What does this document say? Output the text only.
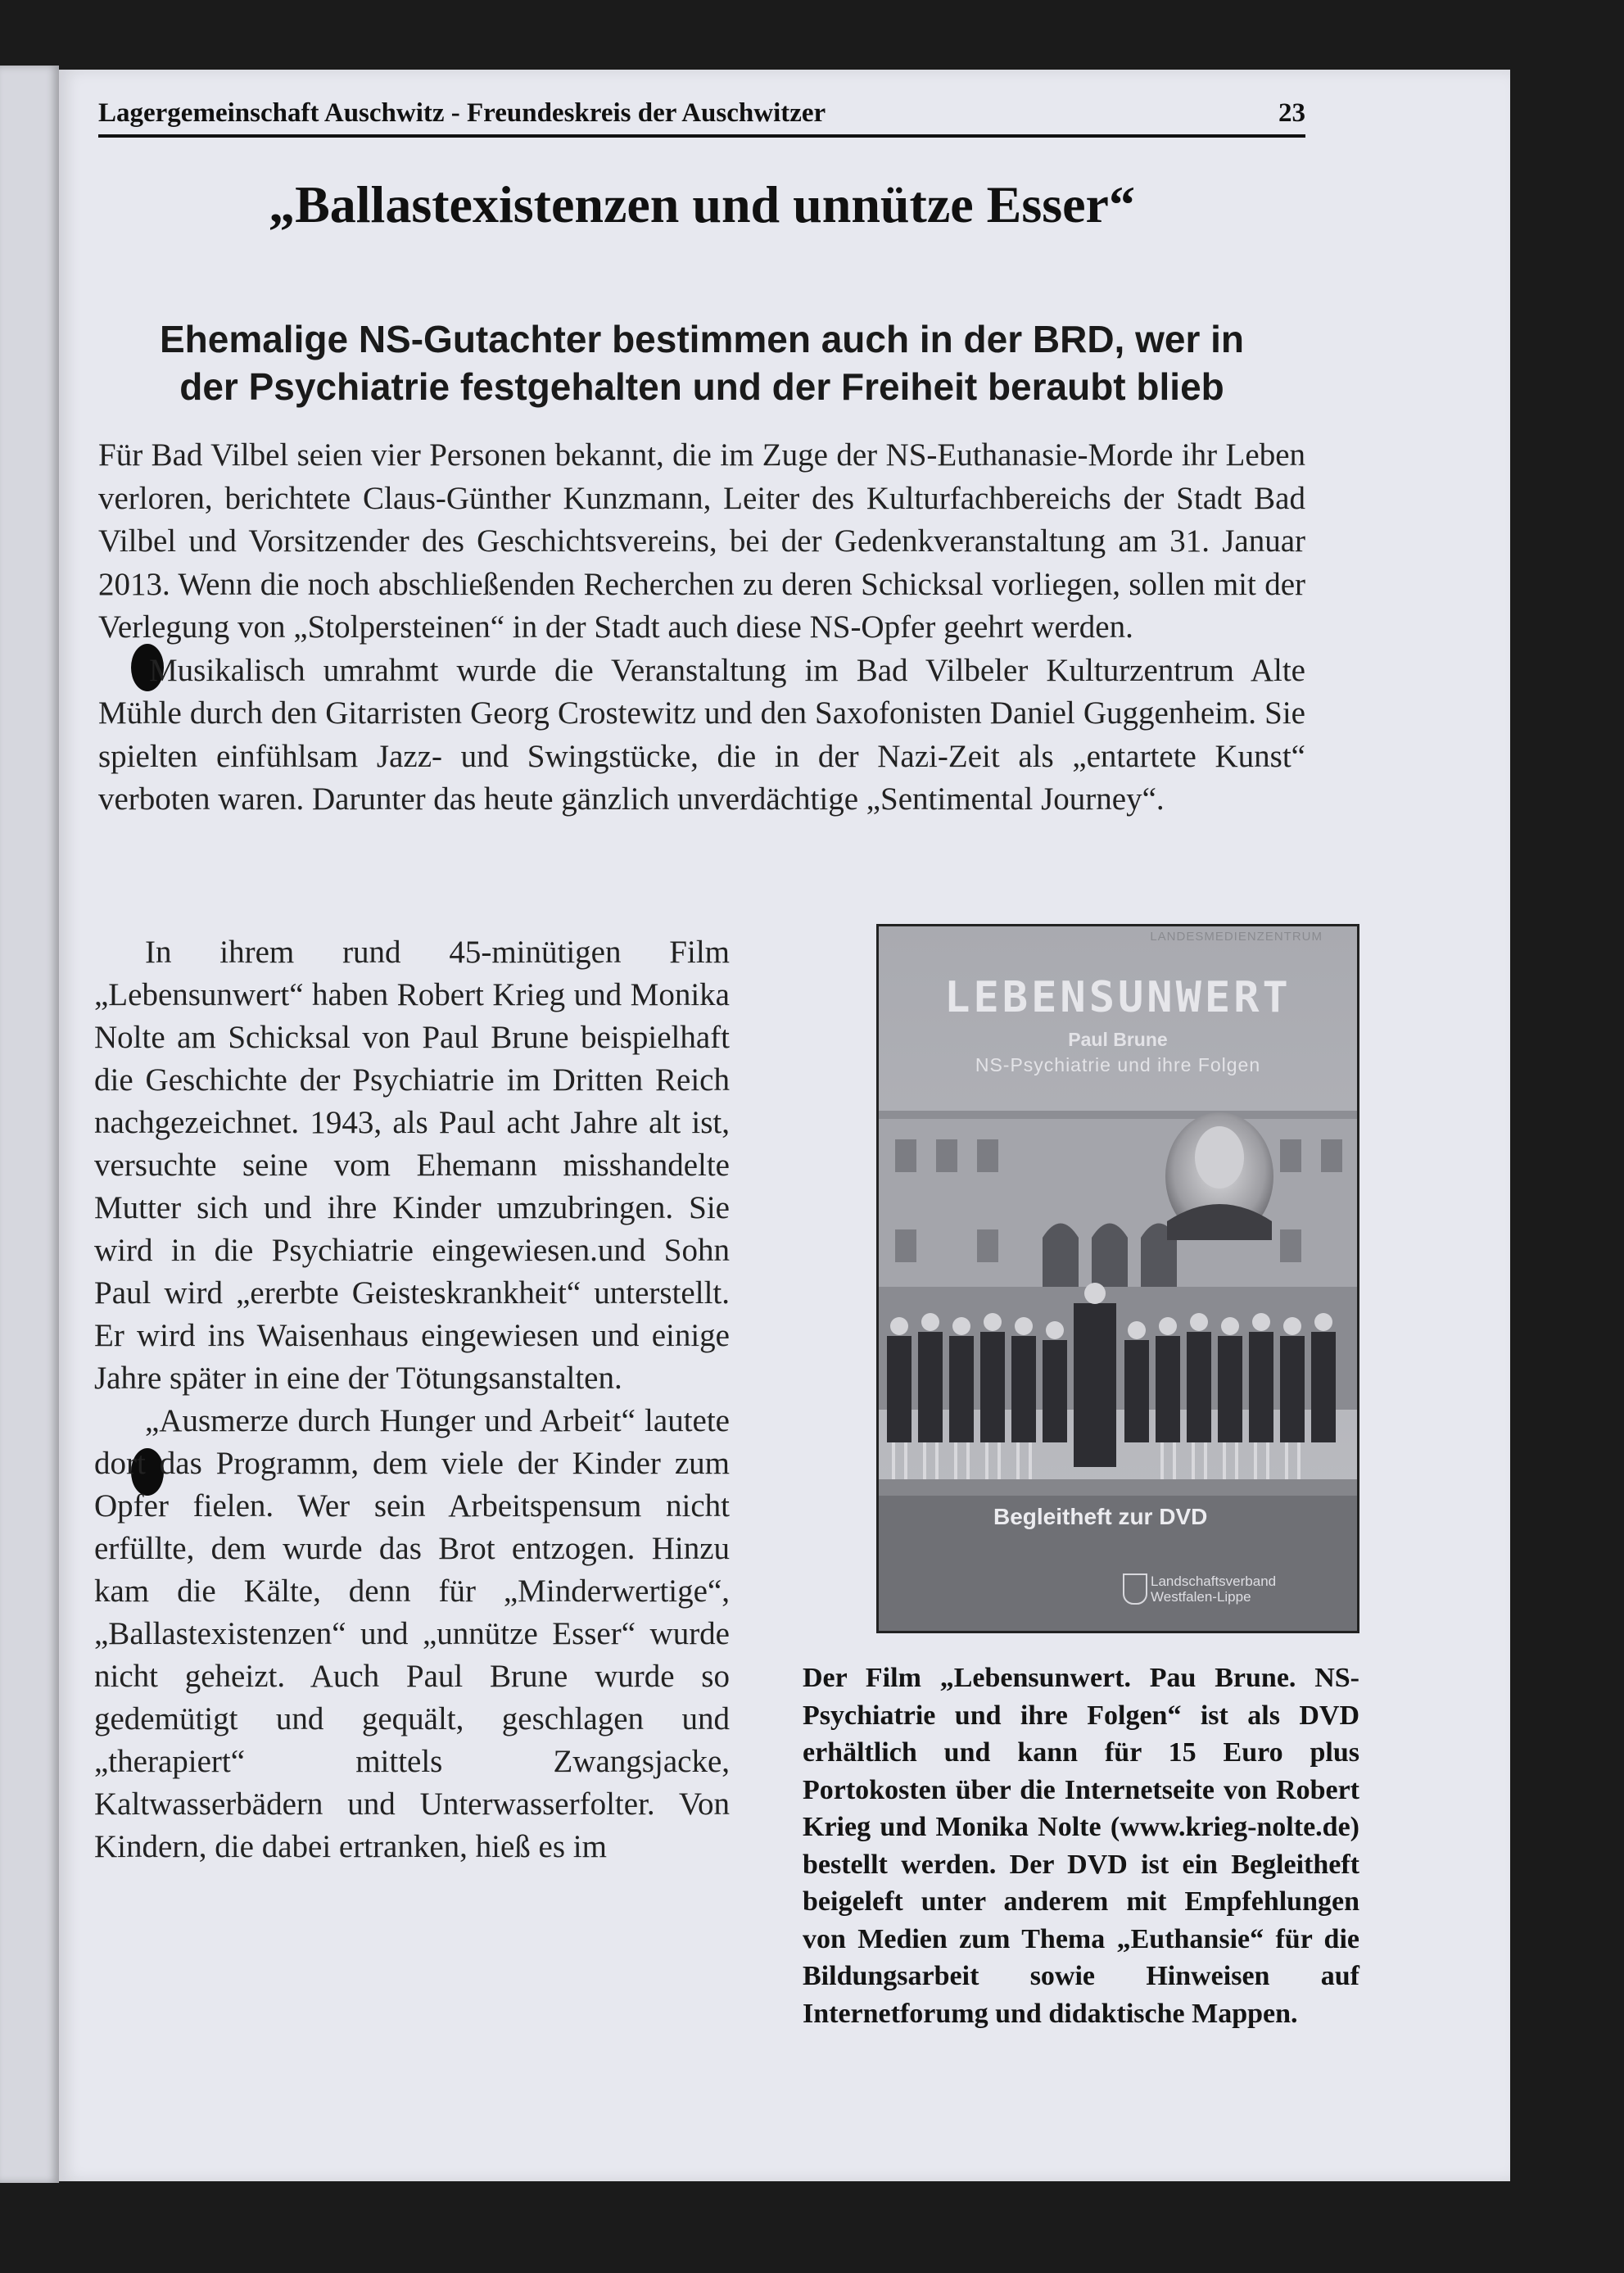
Lagergemeinschaft Auschwitz - Freundeskreis der Auschwitzer	23
„Ballastexistenzen und unnütze Esser“
Ehemalige NS-Gutachter bestimmen auch in der BRD, wer in der Psychiatrie festgehalten und der Freiheit beraubt blieb

Für Bad Vilbel seien vier Personen bekannt, die im Zuge der NS-Euthanasie-Morde ihr Leben verloren, berichtete Claus-Günther Kunzmann, Leiter des Kulturfachbereichs der Stadt Bad Vilbel und Vorsitzender des Geschichtsvereins, bei der Gedenkveranstaltung am 31. Januar 2013. Wenn die noch abschließenden Recherchen zu deren Schicksal vorliegen, sollen mit der Verlegung von „Stolpersteinen“ in der Stadt auch diese NS-Opfer geehrt werden.

Musikalisch umrahmt wurde die Veranstaltung im Bad Vilbeler Kulturzentrum Alte Mühle durch den Gitarristen Georg Crostewitz und den Saxofonisten Daniel Guggenheim. Sie spielten einfühlsam Jazz- und Swingstücke, die in der Nazi-Zeit als „entartete Kunst“ verboten waren. Darunter das heute gänzlich unverdächtige „Sentimental Journey“.

In ihrem rund 45-minütigen Film „Lebensunwert“ haben Robert Krieg und Monika Nolte am Schicksal von Paul Brune beispielhaft die Geschichte der Psychiatrie im Dritten Reich nachgezeichnet. 1943, als Paul acht Jahre alt ist, versuchte seine vom Ehemann misshandelte Mutter sich und ihre Kinder umzubringen. Sie wird in die Psychiatrie eingewiesen.und Sohn Paul wird „ererbte Geisteskrankheit“ unterstellt. Er wird ins Waisenhaus eingewiesen und einige Jahre später in eine der Tötungsanstalten.

„Ausmerze durch Hunger und Arbeit“ lautete dort das Programm, dem viele der Kinder zum Opfer fielen. Wer sein Arbeitspensum nicht erfüllte, dem wurde das Brot entzogen. Hinzu kam die Kälte, denn für „Minderwertige“, „Ballastexistenzen“ und „unnütze Esser“ wurde nicht geheizt. Auch Paul Brune wurde so gedemütigt und gequält, geschlagen und „therapiert“ mittels Zwangsjacke, Kaltwasserbädern und Unterwasserfolter. Von Kindern, die dabei ertranken, hieß es im

LANDESMEDIENZENTRUM
LEBENSUNWERT
Paul Brune
NS-Psychiatrie und ihre Folgen
Begleitheft zur DVD
Landschaftsverband
Westfalen-Lippe

Der Film „Lebensunwert. Pau Brune. NS-Psychiatrie und ihre Folgen“ ist als DVD erhältlich und kann für 15 Euro plus Portokosten über die Internetseite von Robert Krieg und Monika Nolte (www.krieg-nolte.de) bestellt werden. Der DVD ist ein Begleitheft beigeleft unter anderem mit Empfehlungen von Medien zum Thema „Euthansie“ für die Bildungsarbeit sowie Hinweisen auf Internetforumg und didaktische Mappen.
